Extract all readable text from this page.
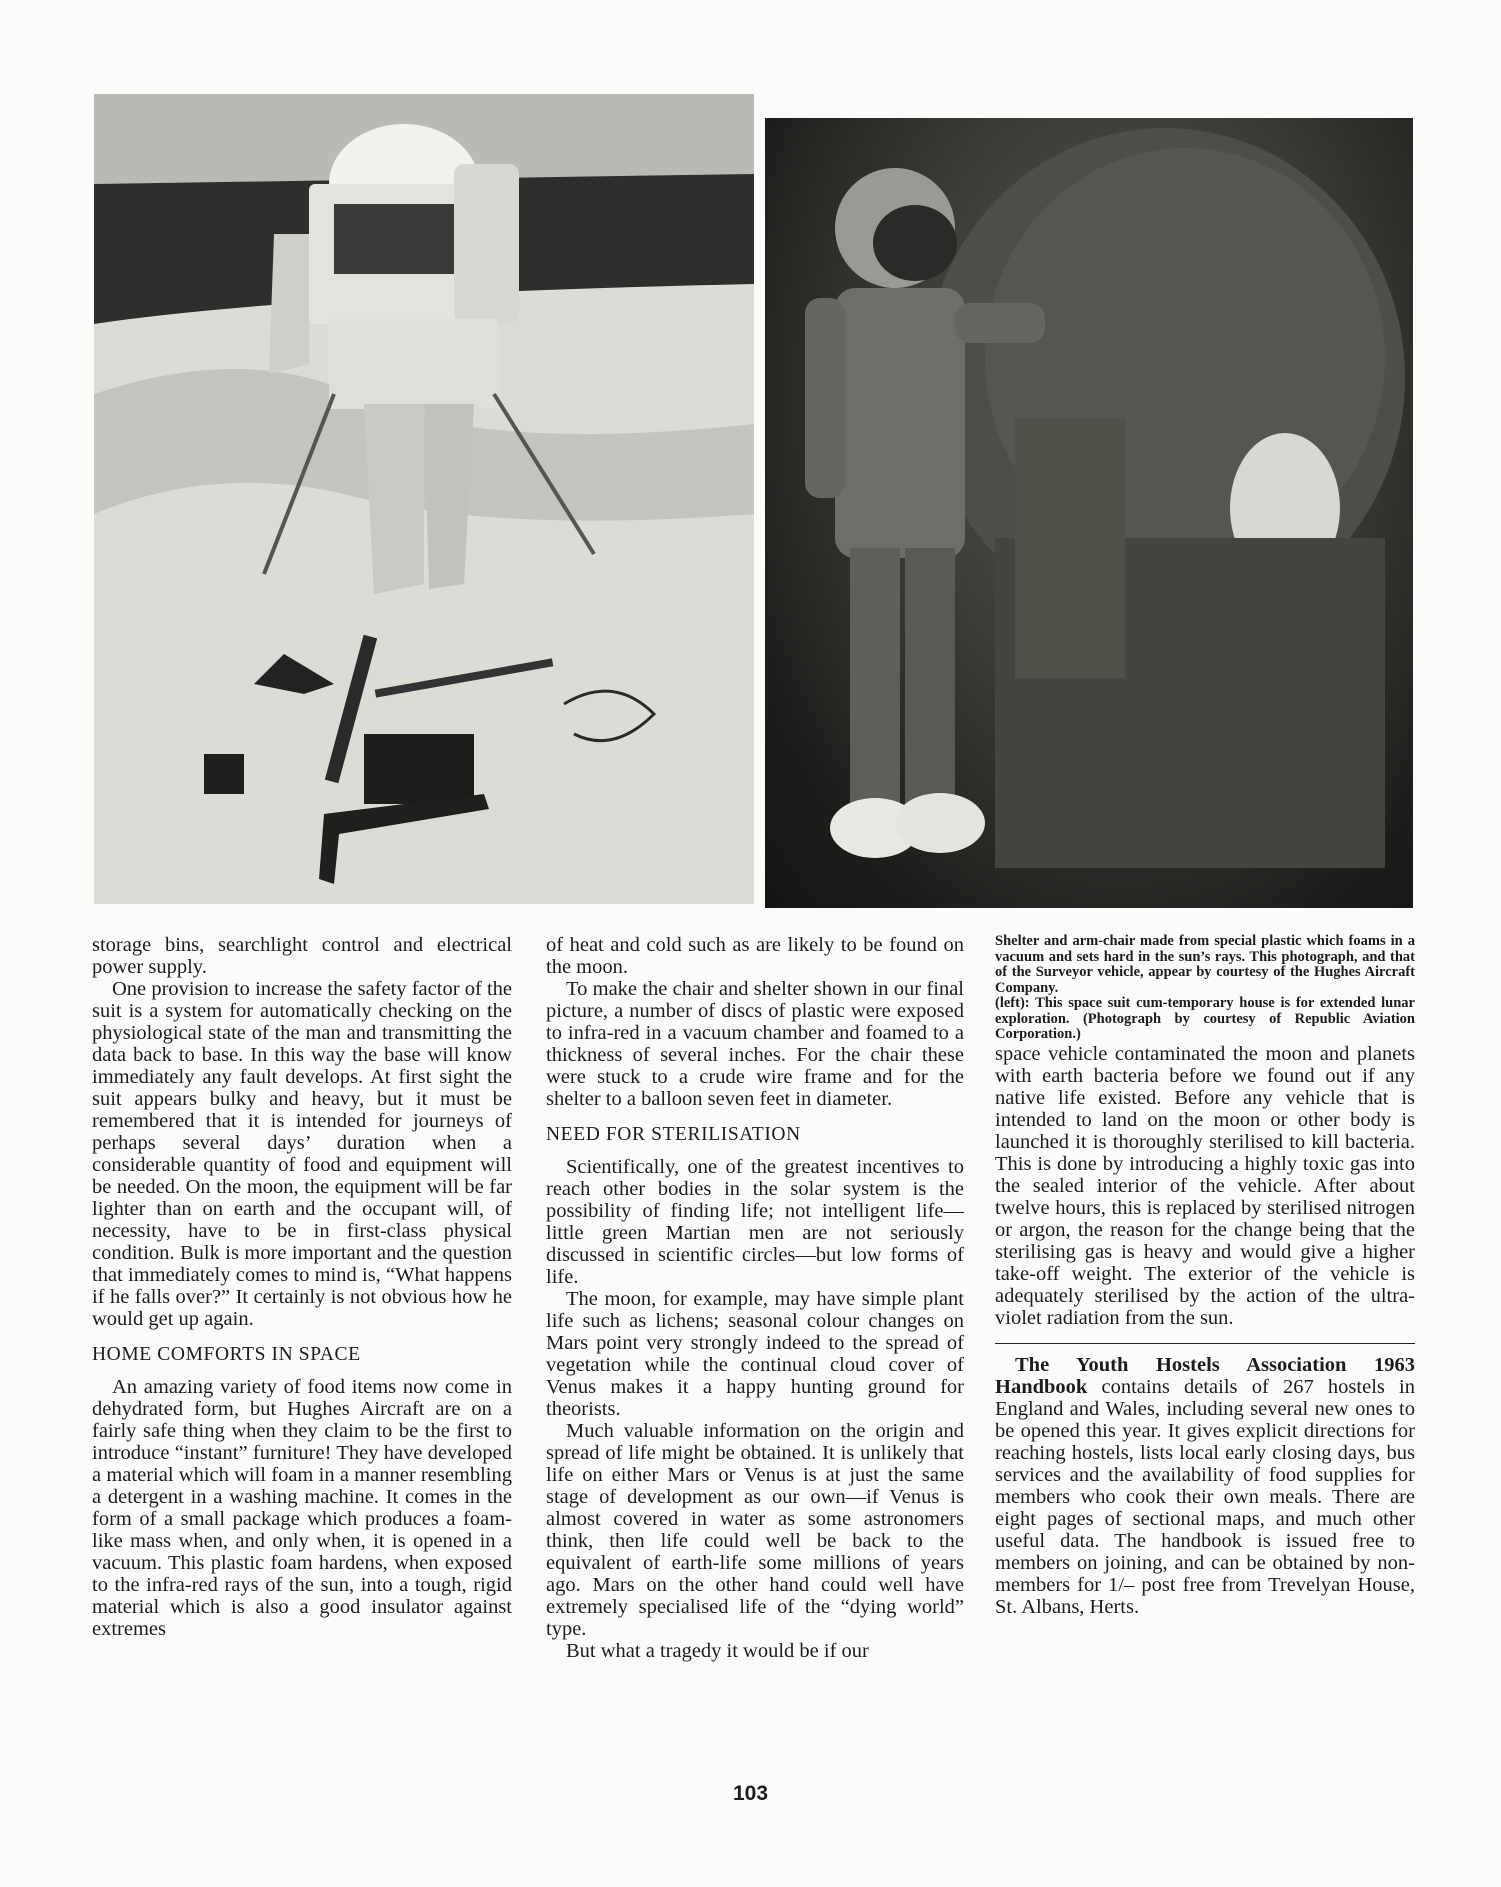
storage bins, searchlight control and electrical power supply.

One provision to increase the safety factor of the suit is a system for automatically checking on the physiological state of the man and transmitting the data back to base. In this way the base will know immediately any fault develops. At first sight the suit appears bulky and heavy, but it must be remembered that it is intended for journeys of perhaps several days’ duration when a considerable quantity of food and equipment will be needed. On the moon, the equipment will be far lighter than on earth and the occupant will, of necessity, have to be in first-class physical condition. Bulk is more important and the question that immediately comes to mind is, “What happens if he falls over?” It certainly is not obvious how he would get up again.

HOME COMFORTS IN SPACE

An amazing variety of food items now come in dehydrated form, but Hughes Aircraft are on a fairly safe thing when they claim to be the first to introduce “instant” furniture! They have developed a material which will foam in a manner resembling a detergent in a washing machine. It comes in the form of a small package which produces a foam-like mass when, and only when, it is opened in a vacuum. This plastic foam hardens, when exposed to the infra-red rays of the sun, into a tough, rigid material which is also a good insulator against extremes

of heat and cold such as are likely to be found on the moon.

To make the chair and shelter shown in our final picture, a number of discs of plastic were exposed to infra-red in a vacuum chamber and foamed to a thickness of several inches. For the chair these were stuck to a crude wire frame and for the shelter to a balloon seven feet in diameter.

NEED FOR STERILISATION

Scientifically, one of the greatest incentives to reach other bodies in the solar system is the possibility of finding life; not intelligent life—little green Martian men are not seriously discussed in scientific circles—but low forms of life.

The moon, for example, may have simple plant life such as lichens; seasonal colour changes on Mars point very strongly indeed to the spread of vegetation while the continual cloud cover of Venus makes it a happy hunting ground for theorists.

Much valuable information on the origin and spread of life might be obtained. It is unlikely that life on either Mars or Venus is at just the same stage of development as our own—if Venus is almost covered in water as some astronomers think, then life could well be back to the equivalent of earth-life some millions of years ago. Mars on the other hand could well have extremely specialised life of the “dying world” type.

But what a tragedy it would be if our

Shelter and arm-chair made from special plastic which foams in a vacuum and sets hard in the sun’s rays. This photograph, and that of the Surveyor vehicle, appear by courtesy of the Hughes Aircraft Company.

(left): This space suit cum-temporary house is for extended lunar exploration. (Photograph by courtesy of Republic Aviation Corporation.)

space vehicle contaminated the moon and planets with earth bacteria before we found out if any native life existed. Before any vehicle that is intended to land on the moon or other body is launched it is thoroughly sterilised to kill bacteria. This is done by introducing a highly toxic gas into the sealed interior of the vehicle. After about twelve hours, this is replaced by sterilised nitrogen or argon, the reason for the change being that the sterilising gas is heavy and would give a higher take-off weight. The exterior of the vehicle is adequately sterilised by the action of the ultra-violet radiation from the sun.

The Youth Hostels Association 1963 Handbook contains details of 267 hostels in England and Wales, including several new ones to be opened this year. It gives explicit directions for reaching hostels, lists local early closing days, bus services and the availability of food supplies for members who cook their own meals. There are eight pages of sectional maps, and much other useful data. The handbook is issued free to members on joining, and can be obtained by non-members for 1/– post free from Trevelyan House, St. Albans, Herts.

103
